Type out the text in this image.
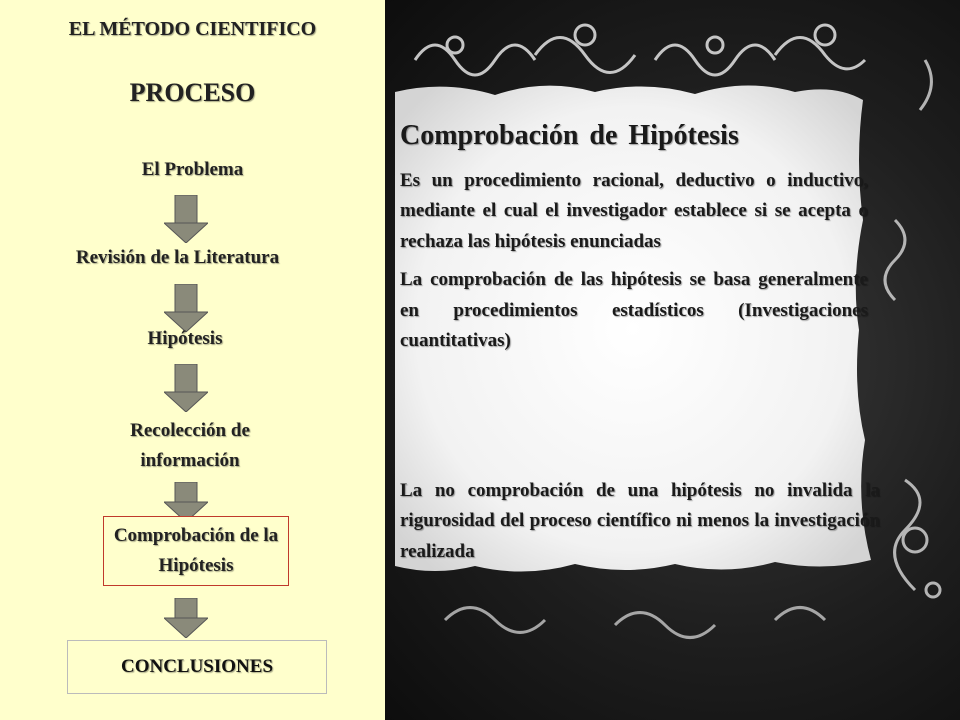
EL MÉTODO CIENTIFICO
PROCESO
El Problema
Revisión de la Literatura
Hipótesis
Recolección de información
Comprobación de la Hipótesis
CONCLUSIONES
Comprobación de Hipótesis

Es un procedimiento racional, deductivo o inductivo, mediante el cual el investigador establece si se acepta o rechaza las hipótesis enunciadas

La comprobación de las hipótesis se basa generalmente en procedimientos estadísticos (Investigaciones cuantitativas)

La no comprobación de una hipótesis no invalida la rigurosidad del proceso científico ni menos la investigación realizada
